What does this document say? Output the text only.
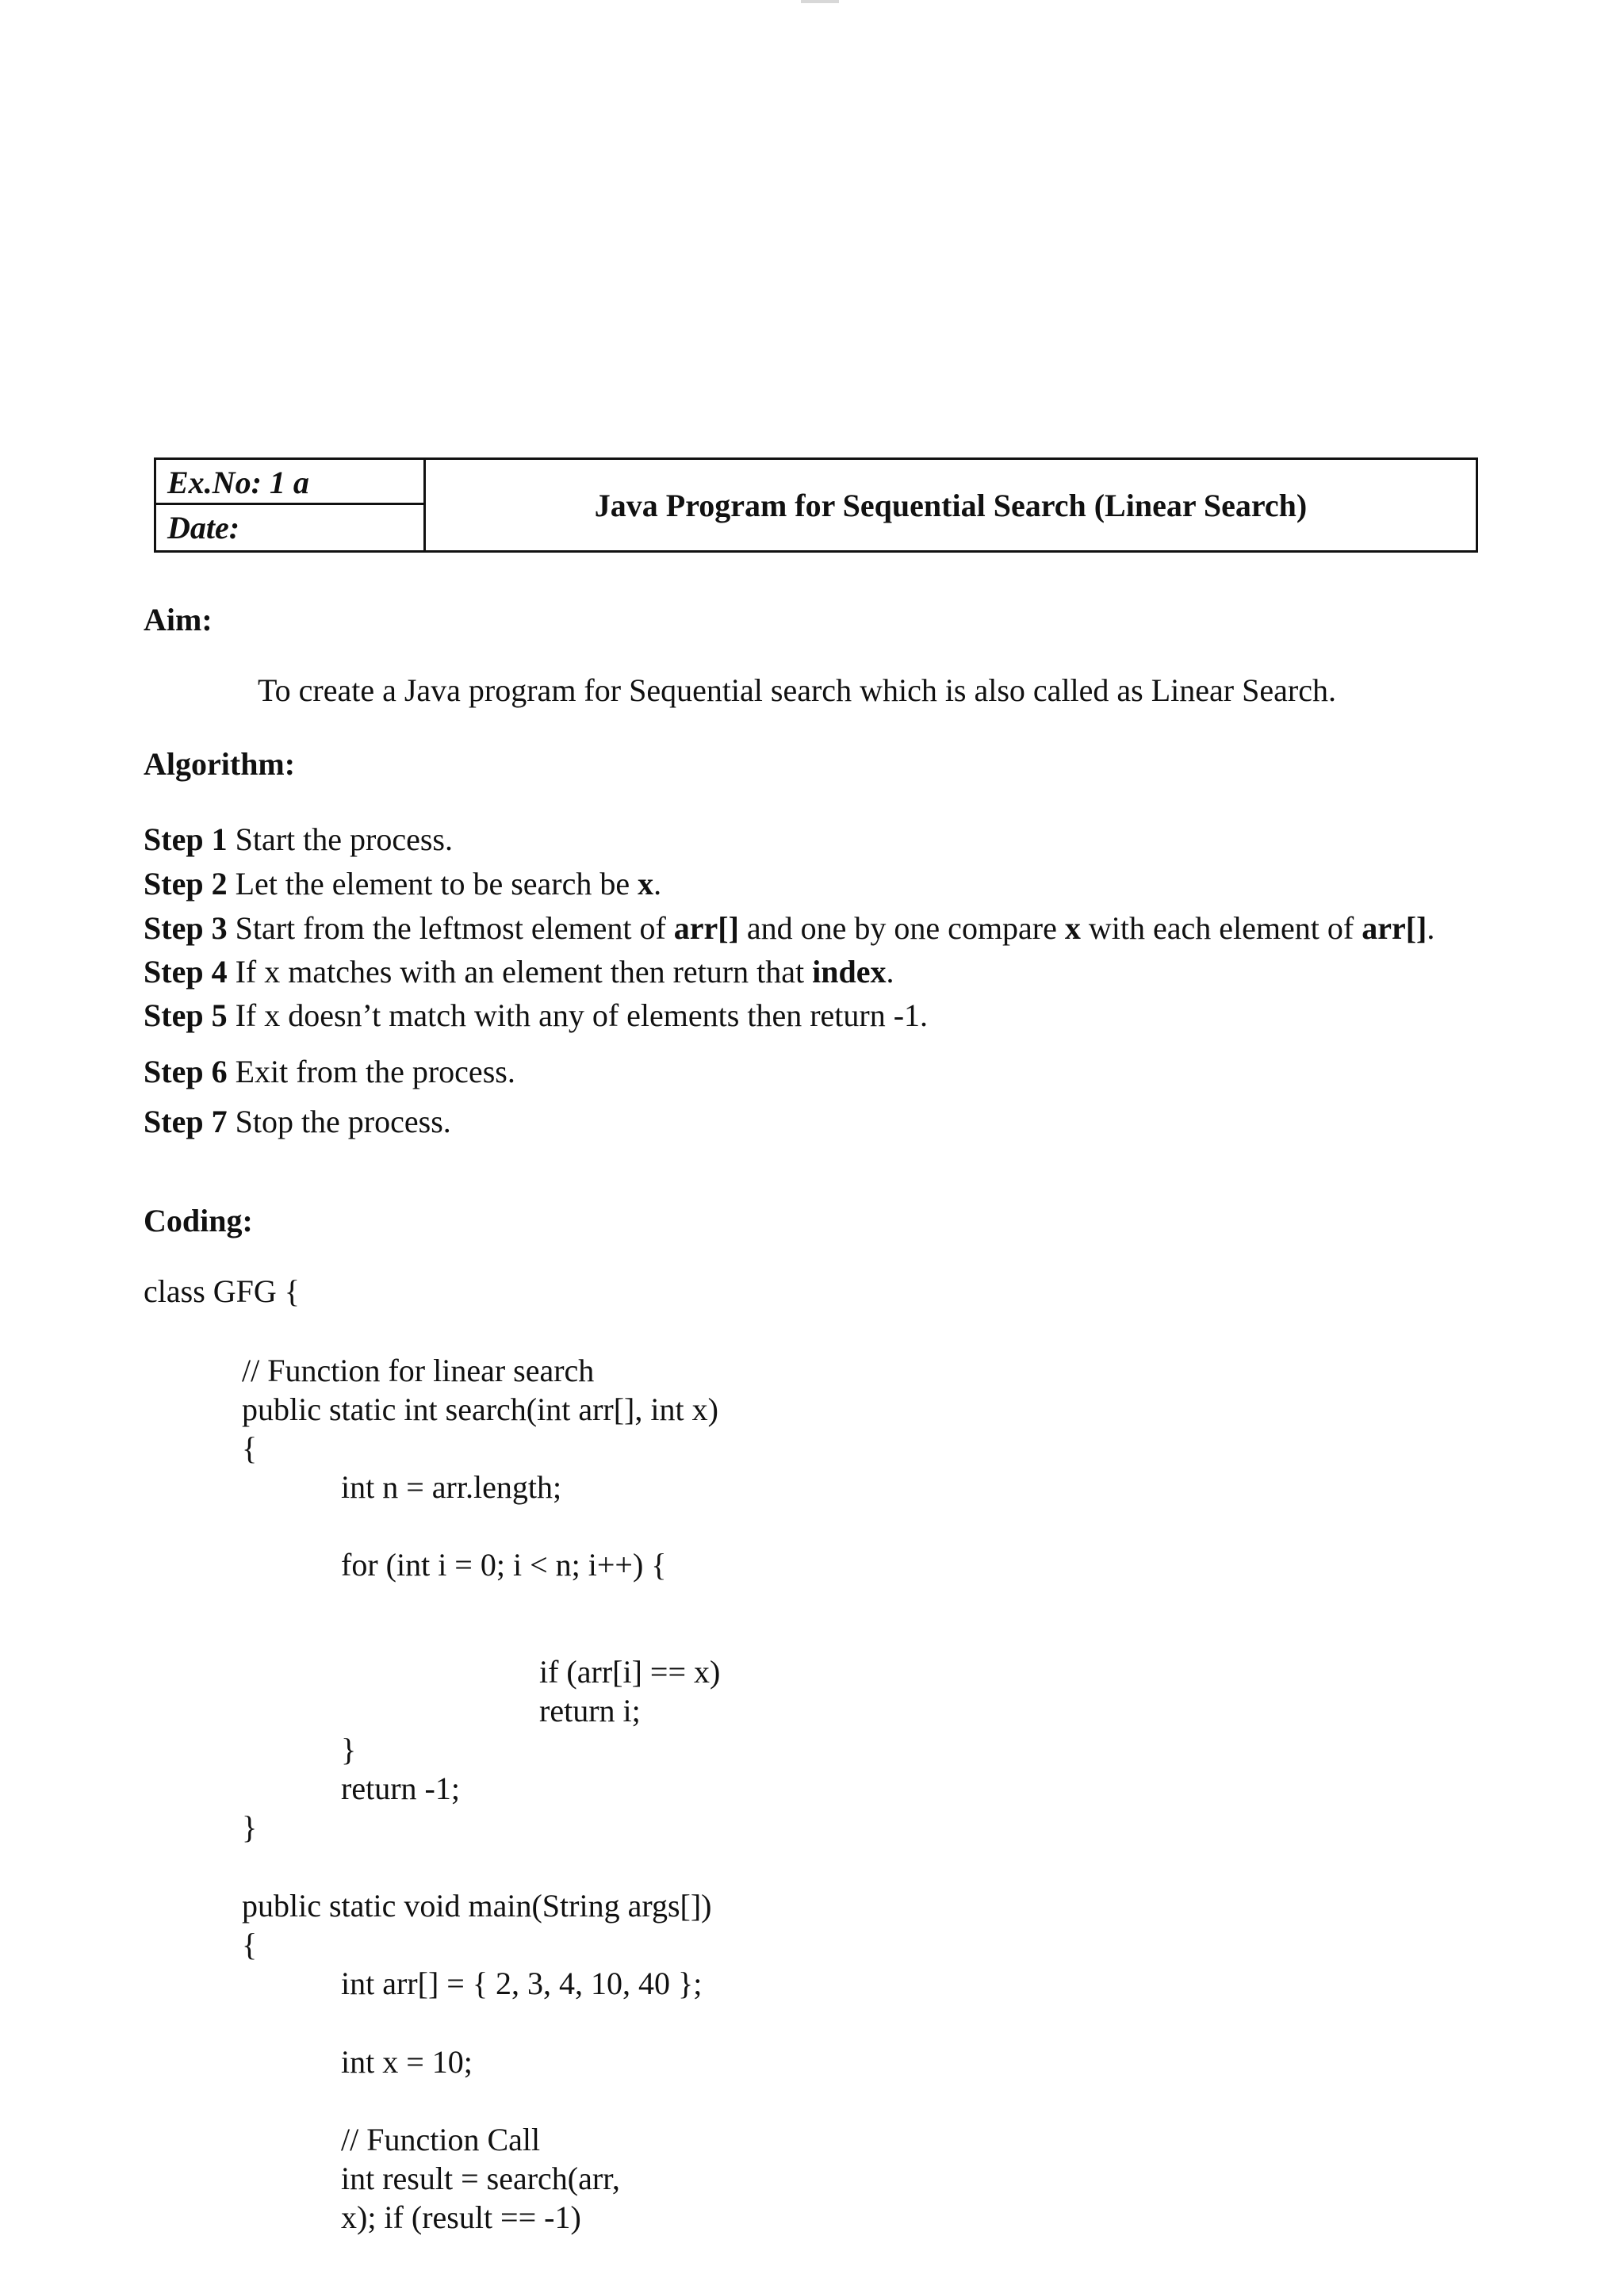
Ex.No: 1 a
Date:
Java Program for Sequential Search (Linear Search)
Aim:
To create a Java program for Sequential search which is also called as Linear Search.
Algorithm:
Step 1 Start the process.
Step 2 Let the element to be search be x.
Step 3 Start from the leftmost element of arr[] and one by one compare x with each element of arr[].
Step 4 If x matches with an element then return that index.
Step 5 If x doesn’t match with any of elements then return -1.
Step 6 Exit from the process.
Step 7 Stop the process.
Coding:
class GFG {
// Function for linear search
public static int search(int arr[], int x)
{
int n = arr.length;
for (int i = 0; i < n; i++) {
if (arr[i] == x)
return i;
}
return -1;
}
public static void main(String args[])
{
int arr[] = { 2, 3, 4, 10, 40 };
int x = 10;
// Function Call
int result = search(arr,
x); if (result == -1)
